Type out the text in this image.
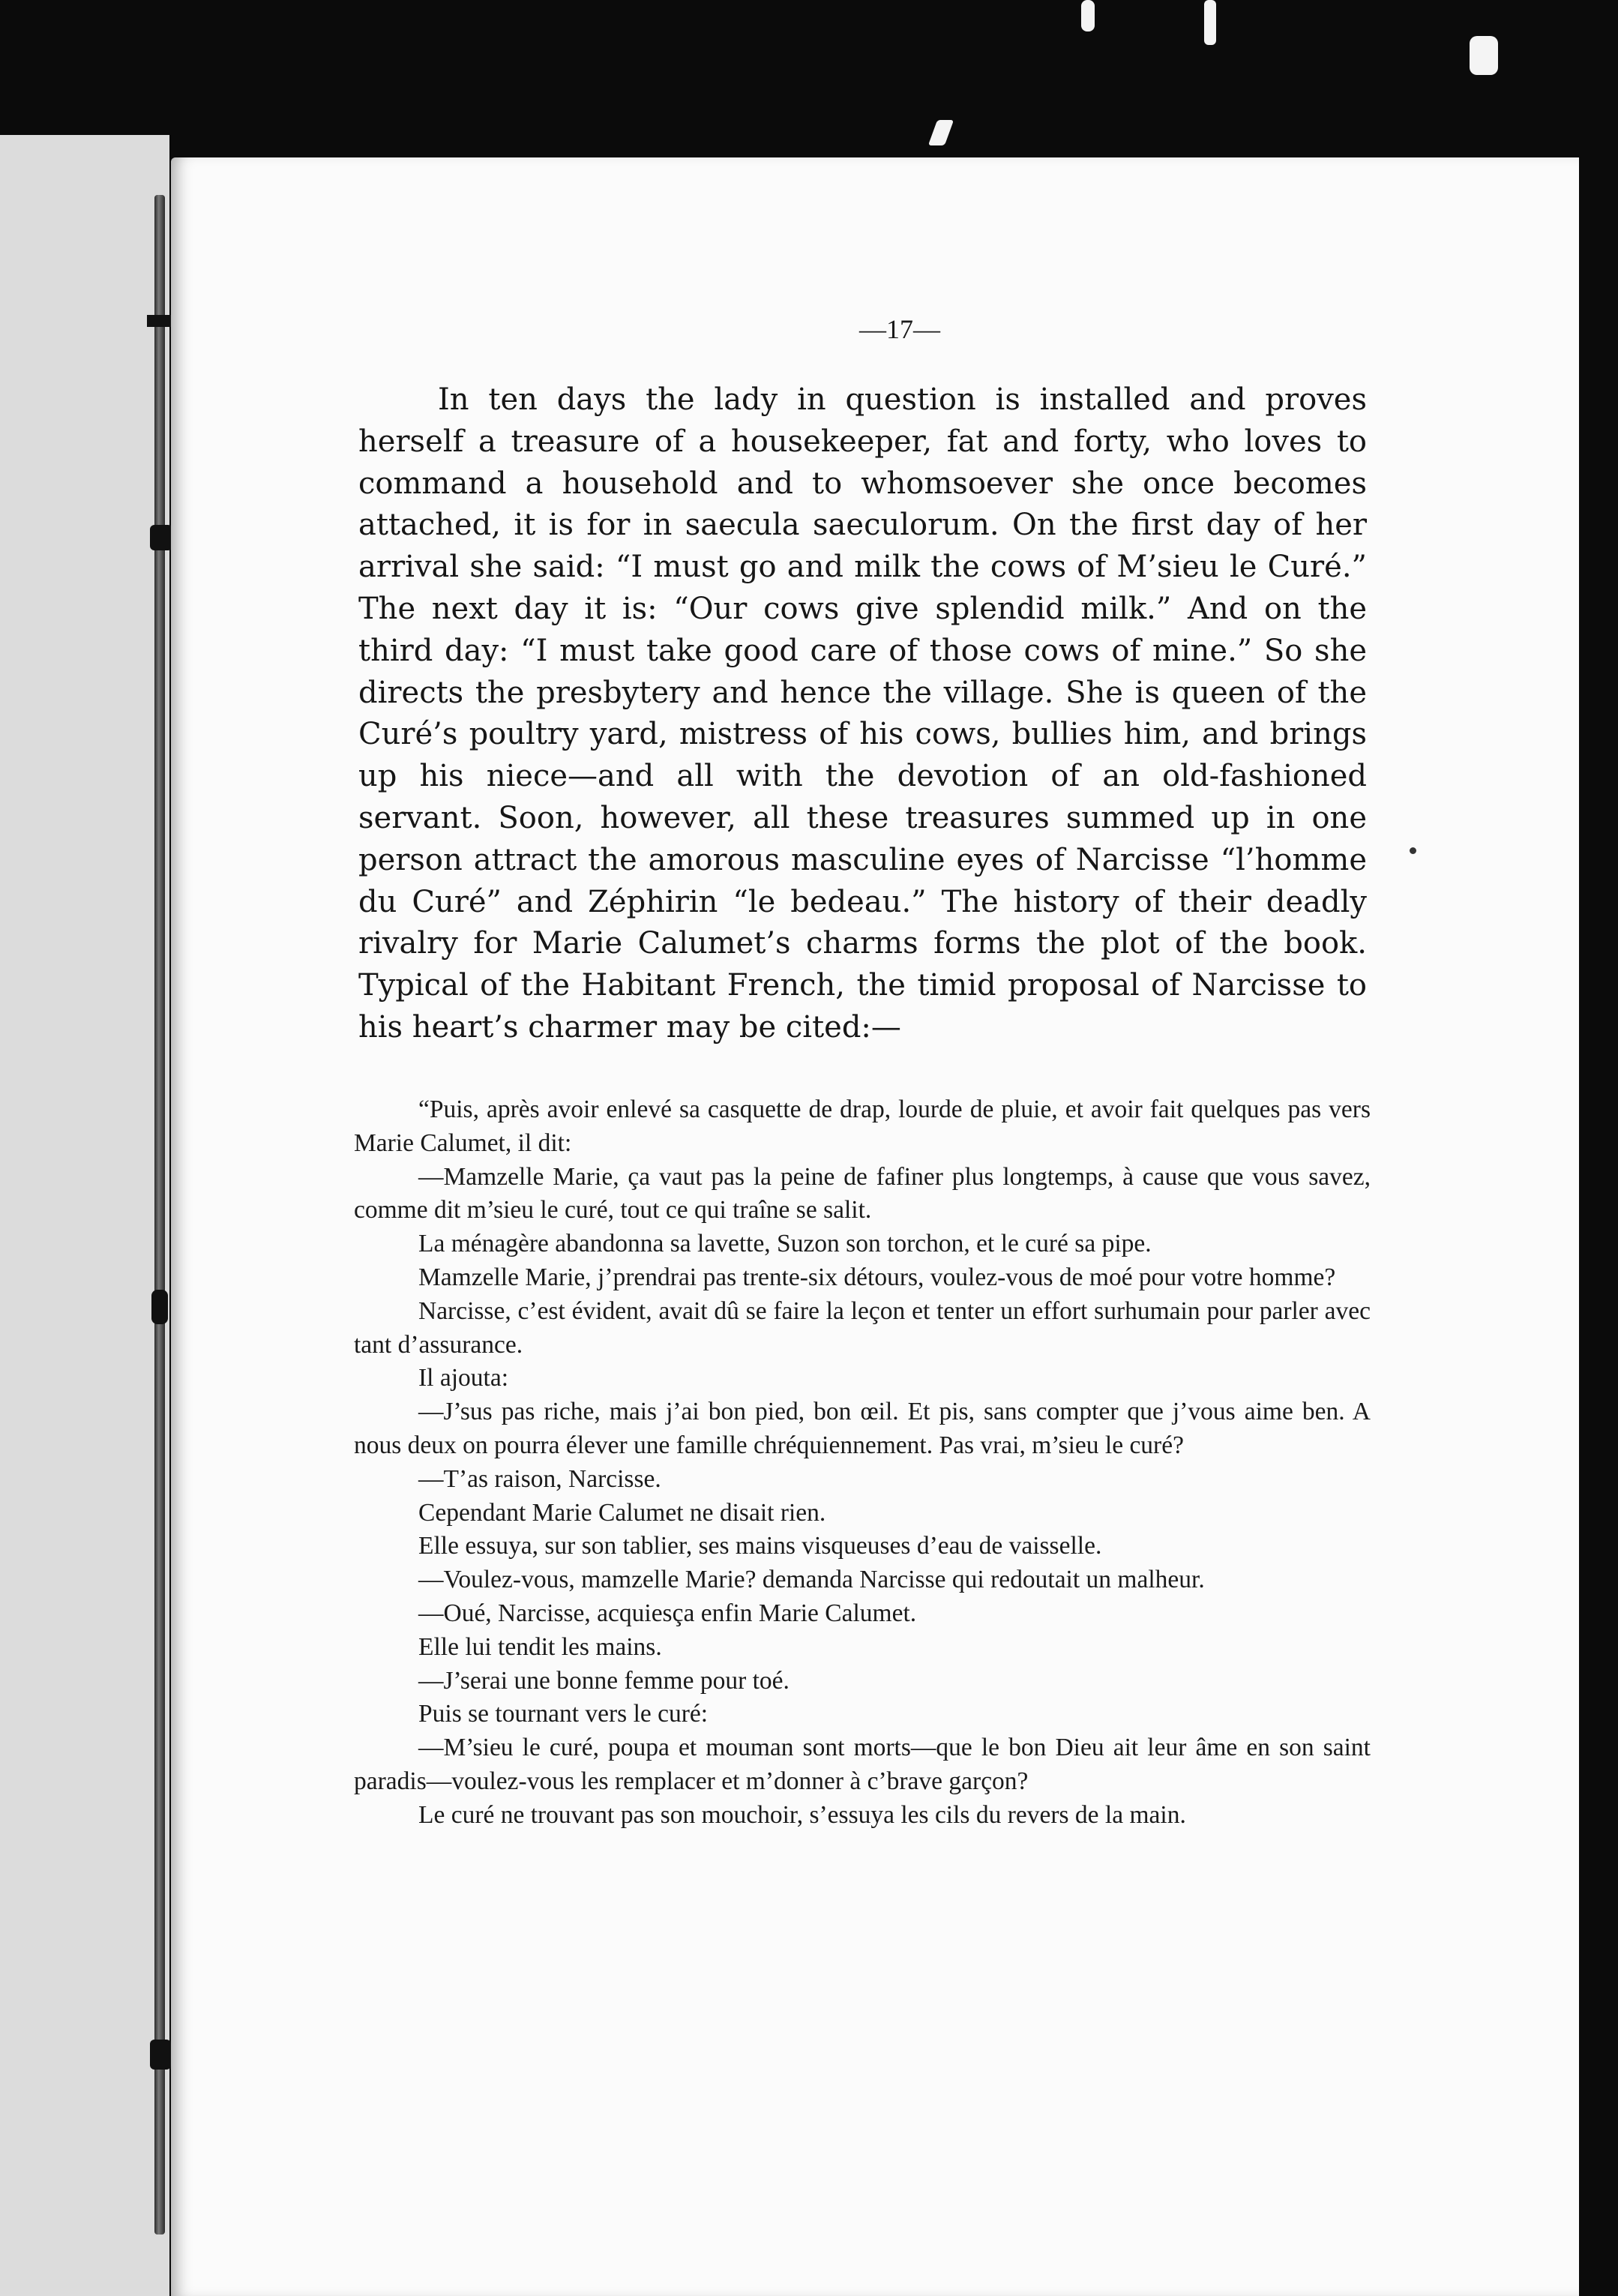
—17—

In ten days the lady in question is installed and proves herself a treasure of a housekeeper, fat and forty, who loves to command a household and to whomsoever she once becomes attached, it is for in saecula saeculorum. On the first day of her arrival she said: “I must go and milk the cows of M’sieu le Curé.” The next day it is: “Our cows give splendid milk.” And on the third day: “I must take good care of those cows of mine.” So she directs the presbytery and hence the village. She is queen of the Curé’s poultry yard, mistress of his cows, bullies him, and brings up his niece—and all with the devotion of an old-fashioned servant. Soon, however, all these treasures summed up in one person attract the amorous masculine eyes of Narcisse “l’homme du Curé” and Zéphirin “le bedeau.” The history of their deadly rivalry for Marie Calumet’s charms forms the plot of the book. Typical of the Habitant French, the timid proposal of Narcisse to his heart’s charmer may be cited:—

“Puis, après avoir enlevé sa casquette de drap, lourde de pluie, et avoir fait quelques pas vers Marie Calumet, il dit:

—Mamzelle Marie, ça vaut pas la peine de fafiner plus longtemps, à cause que vous savez, comme dit m’sieu le curé, tout ce qui traîne se salit.

La ménagère abandonna sa lavette, Suzon son torchon, et le curé sa pipe.

Mamzelle Marie, j’prendrai pas trente-six détours, voulez-vous de moé pour votre homme?

Narcisse, c’est évident, avait dû se faire la leçon et tenter un effort surhumain pour parler avec tant d’assurance.

Il ajouta:

—J’sus pas riche, mais j’ai bon pied, bon œil. Et pis, sans compter que j’vous aime ben. A nous deux on pourra élever une famille chréquiennement. Pas vrai, m’sieu le curé?

—T’as raison, Narcisse.

Cependant Marie Calumet ne disait rien.

Elle essuya, sur son tablier, ses mains visqueuses d’eau de vaisselle.

—Voulez-vous, mamzelle Marie? demanda Narcisse qui redoutait un malheur.

—Oué, Narcisse, acquiesça enfin Marie Calumet.

Elle lui tendit les mains.

—J’serai une bonne femme pour toé.

Puis se tournant vers le curé:

—M’sieu le curé, poupa et mouman sont morts—que le bon Dieu ait leur âme en son saint paradis—voulez-vous les remplacer et m’donner à c’brave garçon?

Le curé ne trouvant pas son mouchoir, s’essuya les cils du revers de la main.
